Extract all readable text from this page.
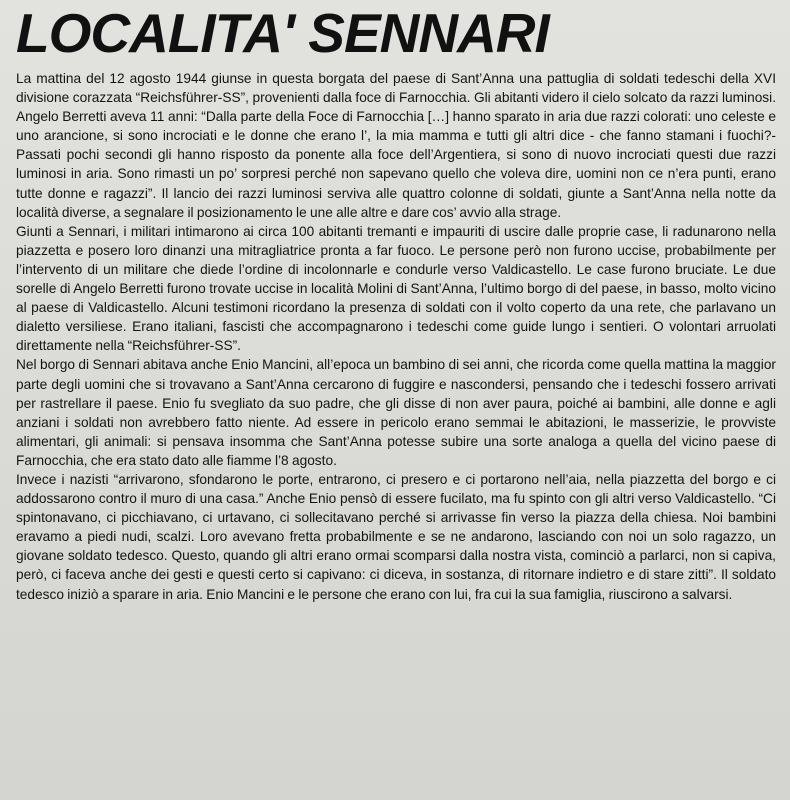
LOCALITA' SENNARI

La mattina del 12 agosto 1944 giunse in questa borgata del paese di Sant’Anna una pattuglia di soldati tedeschi della XVI divisione corazzata “Reichsführer-SS”, provenienti dalla foce di Farnocchia. Gli abitanti videro il cielo solcato da razzi luminosi. Angelo Berretti aveva 11 anni: “Dalla parte della Foce di Farnocchia […] hanno sparato in aria due razzi colorati: uno celeste e uno arancione, si sono incrociati e le donne che erano l’, la mia mamma e tutti gli altri dice - che fanno stamani i fuochi?- Passati pochi secondi gli hanno risposto da ponente alla foce dell’Argentiera, si sono di nuovo incrociati questi due razzi luminosi in aria. Sono rimasti un po’ sorpresi perché non sapevano quello che voleva dire, uomini non ce n’era punti, erano tutte donne e ragazzi”. Il lancio dei razzi luminosi serviva alle quattro colonne di soldati, giunte a Sant’Anna nella notte da località diverse, a segnalare il posizionamento le une alle altre e dare cos’ avvio alla strage.

Giunti a Sennari, i militari intimarono ai circa 100 abitanti tremanti e impauriti di uscire dalle proprie case, li radunarono nella piazzetta e posero loro dinanzi una mitragliatrice pronta a far fuoco. Le persone però non furono uccise, probabilmente per l’intervento di un militare che diede l’ordine di incolonnarle e condurle verso Valdicastello. Le case furono bruciate. Le due sorelle di Angelo Berretti furono trovate uccise in località Molini di Sant’Anna, l’ultimo borgo di del paese, in basso, molto vicino al paese di Valdicastello. Alcuni testimoni ricordano la presenza di soldati con il volto coperto da una rete, che parlavano un dialetto versiliese. Erano italiani, fascisti che accompagnarono i tedeschi come guide lungo i sentieri. O volontari arruolati direttamente nella “Reichsführer-SS”.

Nel borgo di Sennari abitava anche Enio Mancini, all’epoca un bambino di sei anni, che ricorda come quella mattina la maggior parte degli uomini che si trovavano a Sant’Anna cercarono di fuggire e nascondersi, pensando che i tedeschi fossero arrivati per rastrellare il paese. Enio fu svegliato da suo padre, che gli disse di non aver paura, poiché ai bambini, alle donne e agli anziani i soldati non avrebbero fatto niente. Ad essere in pericolo erano semmai le abitazioni, le masserizie, le provviste alimentari, gli animali: si pensava insomma che Sant’Anna potesse subire una sorte analoga a quella del vicino paese di Farnocchia, che era stato dato alle fiamme l’8 agosto.

Invece i nazisti “arrivarono, sfondarono le porte, entrarono, ci presero e ci portarono nell’aia, nella piazzetta del borgo e ci addossarono contro il muro di una casa.” Anche Enio pensò di essere fucilato, ma fu spinto con gli altri verso Valdicastello. “Ci spintonavano, ci picchiavano, ci urtavano, ci sollecitavano perché si arrivasse fin verso la piazza della chiesa. Noi bambini eravamo a piedi nudi, scalzi. Loro avevano fretta probabilmente e se ne andarono, lasciando con noi un solo ragazzo, un giovane soldato tedesco. Questo, quando gli altri erano ormai scomparsi dalla nostra vista, cominciò a parlarci, non si capiva, però, ci faceva anche dei gesti e questi certo si capivano: ci diceva, in sostanza, di ritornare indietro e di stare zitti”. Il soldato tedesco iniziò a sparare in aria. Enio Mancini e le persone che erano con lui, fra cui la sua famiglia, riuscirono a salvarsi.
